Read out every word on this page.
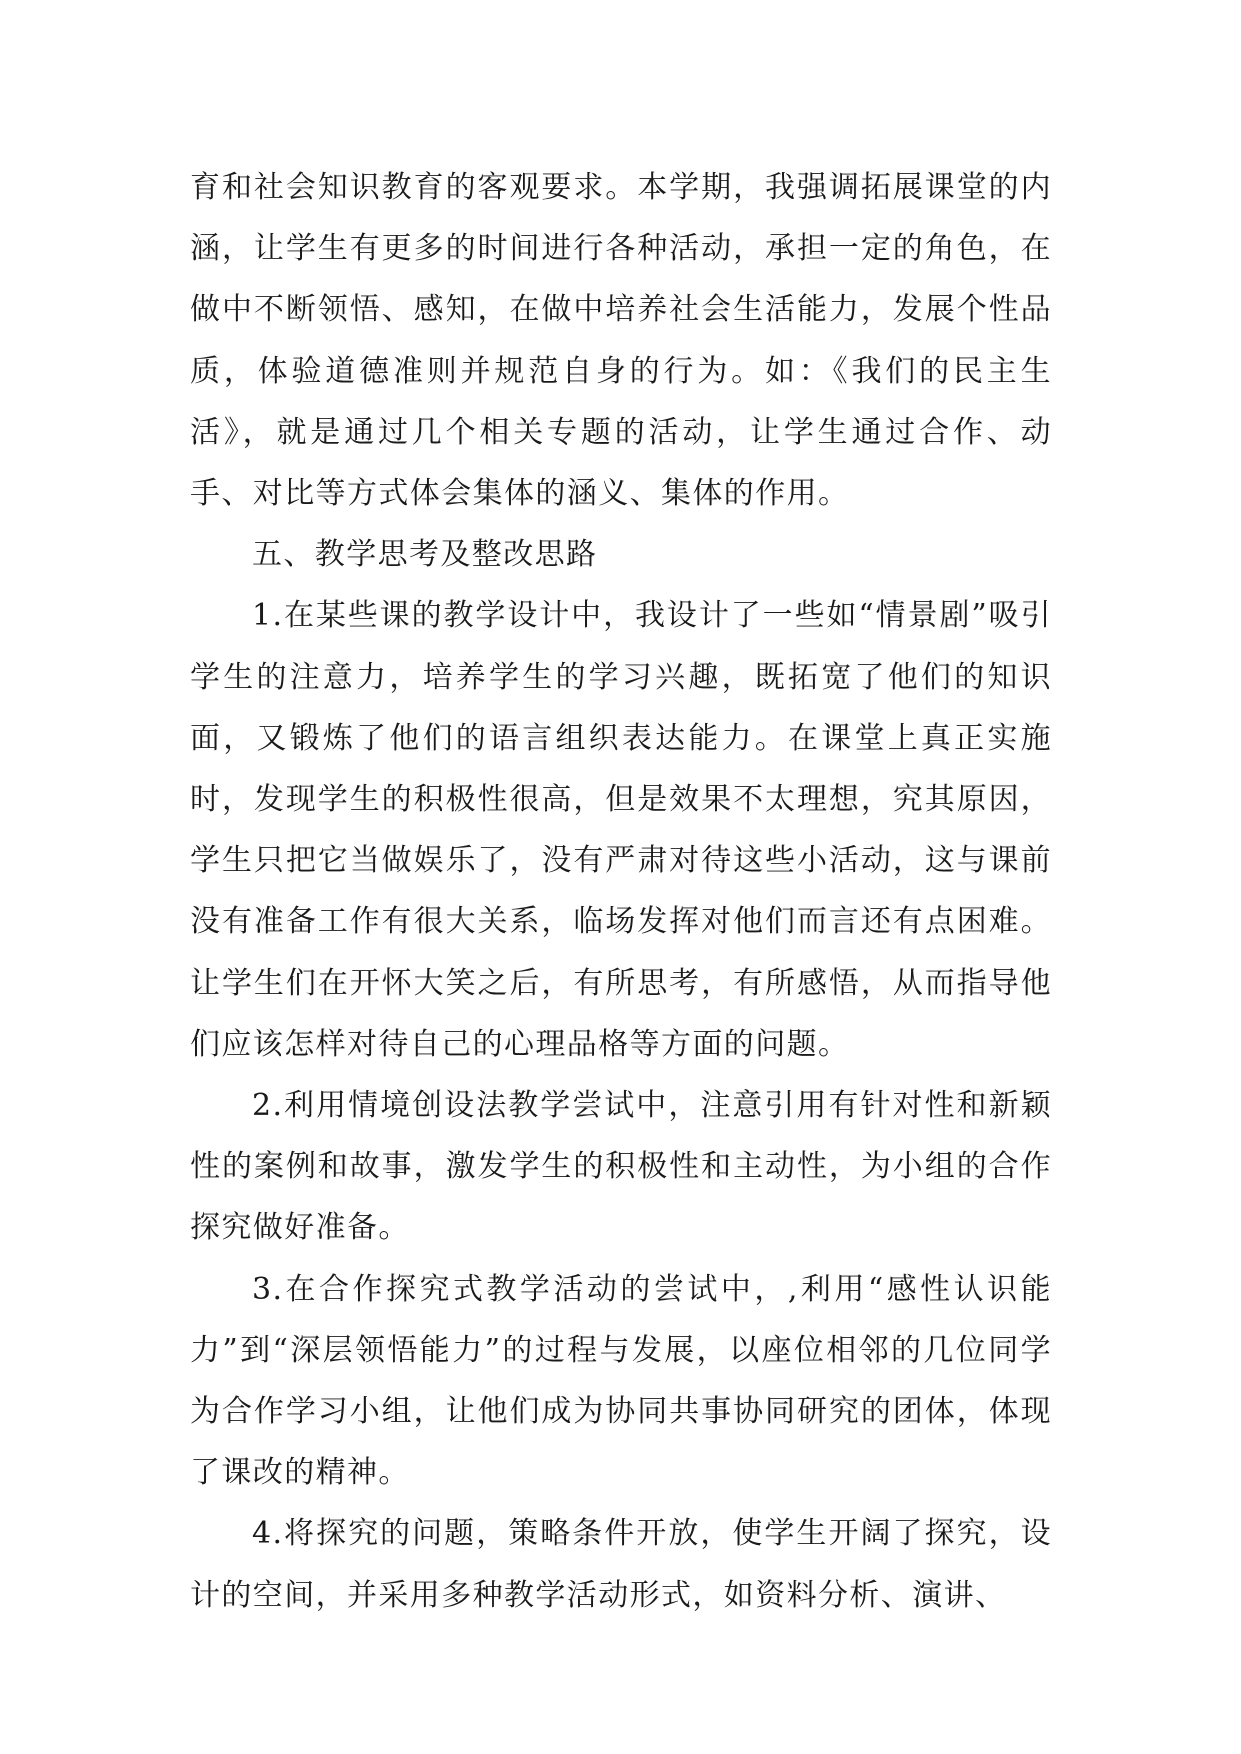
育和社会知识教育的客观要求。本学期，我强调拓展课堂的内涵，让学生有更多的时间进行各种活动，承担一定的角色，在做中不断领悟、感知，在做中培养社会生活能力，发展个性品质，体验道德准则并规范自身的行为。如：《我们的民主生活》，就是通过几个相关专题的活动，让学生通过合作、动手、对比等方式体会集体的涵义、集体的作用。

五、教学思考及整改思路

1.在某些课的教学设计中，我设计了一些如“情景剧”吸引学生的注意力，培养学生的学习兴趣，既拓宽了他们的知识面，又锻炼了他们的语言组织表达能力。在课堂上真正实施时，发现学生的积极性很高，但是效果不太理想，究其原因，学生只把它当做娱乐了，没有严肃对待这些小活动，这与课前没有准备工作有很大关系，临场发挥对他们而言还有点困难。让学生们在开怀大笑之后，有所思考，有所感悟，从而指导他们应该怎样对待自己的心理品格等方面的问题。

2.利用情境创设法教学尝试中，注意引用有针对性和新颖性的案例和故事，激发学生的积极性和主动性，为小组的合作探究做好准备。

3.在合作探究式教学活动的尝试中，,利用“感性认识能力”到“深层领悟能力”的过程与发展，以座位相邻的几位同学为合作学习小组，让他们成为协同共事协同研究的团体，体现了课改的精神。

4.将探究的问题，策略条件开放，使学生开阔了探究，设计的空间，并采用多种教学活动形式，如资料分析、演讲、
